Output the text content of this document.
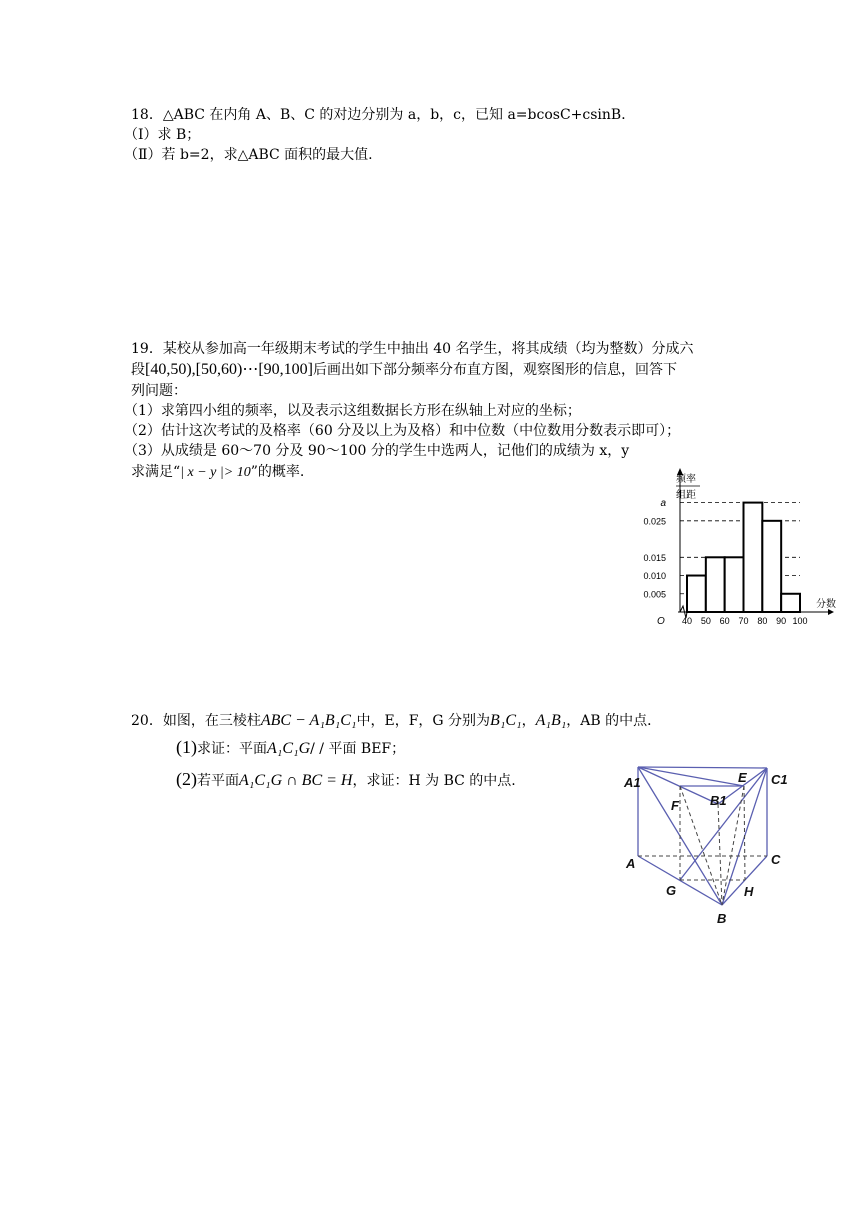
18．△ABC 在内角 A、B、C 的对边分别为 a，b，c，已知 a=bcosC+csinB．
（Ⅰ）求 B；
（Ⅱ）若 b=2，求△ABC 面积的最大值.
19．某校从参加高一年级期末考试的学生中抽出 40 名学生，将其成绩（均为整数）分成六
段[40,50),[50,60)⋯[90,100]后画出如下部分频率分布直方图，观察图形的信息，回答下
列问题：
（1）求第四小组的频率，以及表示这组数据长方形在纵轴上对应的坐标；
（2）估计这次考试的及格率（60 分及以上为及格）和中位数（中位数用分数表示即可）；
（3）从成绩是 60～70 分及 90～100 分的学生中选两人，记他们的成绩为 x，y
求满足“| x − y |> 10”的概率.
a
0.025
0.015
0.010
0.005
40 50 60 70 80 90 100
O
分数
频率
组距
20．如图，在三棱柱ABC − A₁B₁C₁中，E，F，G 分别为B₁C₁，A₁B₁，AB 的中点．
(1)求证：平面A₁C₁G/ / 平面 BEF；
(2)若平面A₁C₁G ∩ BC = H，求证：H 为 BC 的中点.	A1	E C1
F B1
A	C
G	H
B
